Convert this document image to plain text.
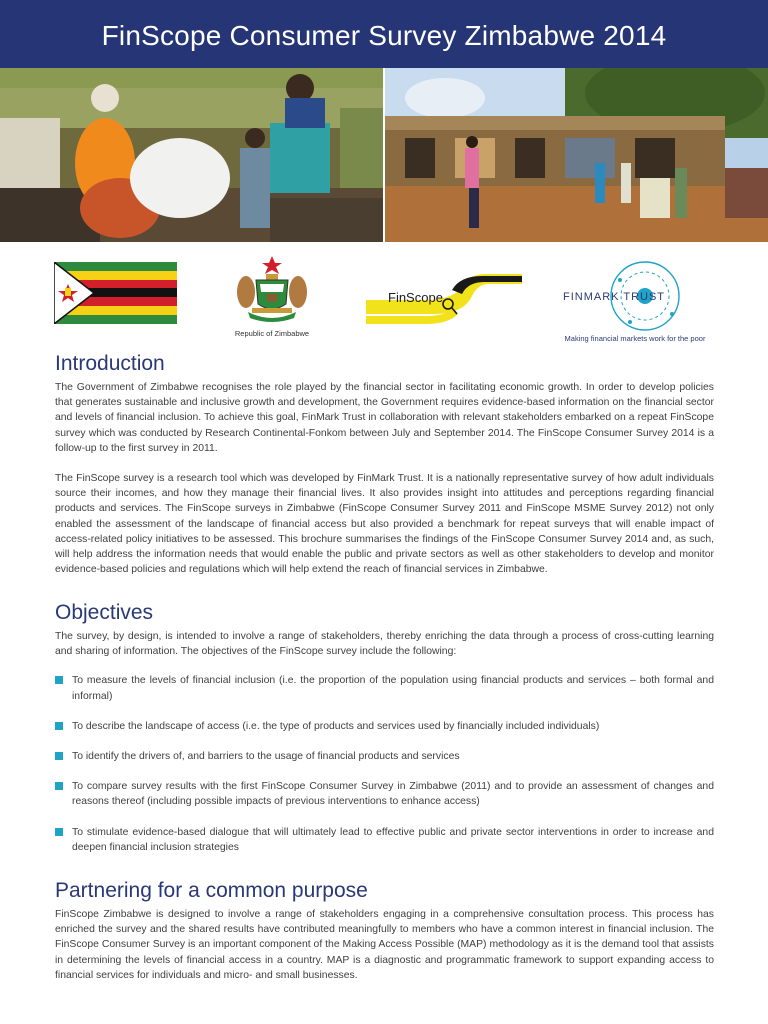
FinScope Consumer Survey Zimbabwe 2014
Republic of Zimbabwe
FinScope	FINMARK TRUST
Making financial markets work for the poor
Introduction

The Government of Zimbabwe recognises the role played by the financial sector in facilitating economic growth. In order to develop policies that generates sustainable and inclusive growth and development, the Government requires evidence-based information on the financial sector and levels of financial inclusion. To achieve this goal, FinMark Trust in collaboration with relevant stakeholders embarked on a repeat FinScope survey which was conducted by Research Continental-Fonkom between July and September 2014. The FinScope Consumer Survey 2014 is a follow-up to the first survey in 2011.

The FinScope survey is a research tool which was developed by FinMark Trust. It is a nationally representative survey of how adult individuals source their incomes, and how they manage their financial lives. It also provides insight into attitudes and perceptions regarding financial products and services. The FinScope surveys in Zimbabwe (FinScope Consumer Survey 2011 and FinScope MSME Survey 2012) not only enabled the assessment of the landscape of financial access but also provided a benchmark for repeat surveys that will enable impact of access-related policy initiatives to be assessed. This brochure summarises the findings of the FinScope Consumer Survey 2014 and, as such, will help address the information needs that would enable the public and private sectors as well as other stakeholders to develop and monitor evidence-based policies and regulations which will help extend the reach of financial services in Zimbabwe.

Objectives

The survey, by design, is intended to involve a range of stakeholders, thereby enriching the data through a process of cross-cutting learning and sharing of information. The objectives of the FinScope survey include the following:

To measure the levels of financial inclusion (i.e. the proportion of the population using financial products and services – both formal and informal)
To describe the landscape of access (i.e. the type of products and services used by financially included individuals)
To identify the drivers of, and barriers to the usage of financial products and services
To compare survey results with the first FinScope Consumer Survey in Zimbabwe (2011) and to provide an assessment of changes and reasons thereof (including possible impacts of previous interventions to enhance access)
To stimulate evidence-based dialogue that will ultimately lead to effective public and private sector interventions in order to increase and deepen financial inclusion strategies
Partnering for a common purpose

FinScope Zimbabwe is designed to involve a range of stakeholders engaging in a comprehensive consultation process. This process has enriched the survey and the shared results have contributed meaningfully to members who have a common interest in financial inclusion. The FinScope Consumer Survey is an important component of the Making Access Possible (MAP) methodology as it is the demand tool that assists in determining the levels of financial access in a country. MAP is a diagnostic and programmatic framework to support expanding access to financial services for individuals and micro- and small businesses.
